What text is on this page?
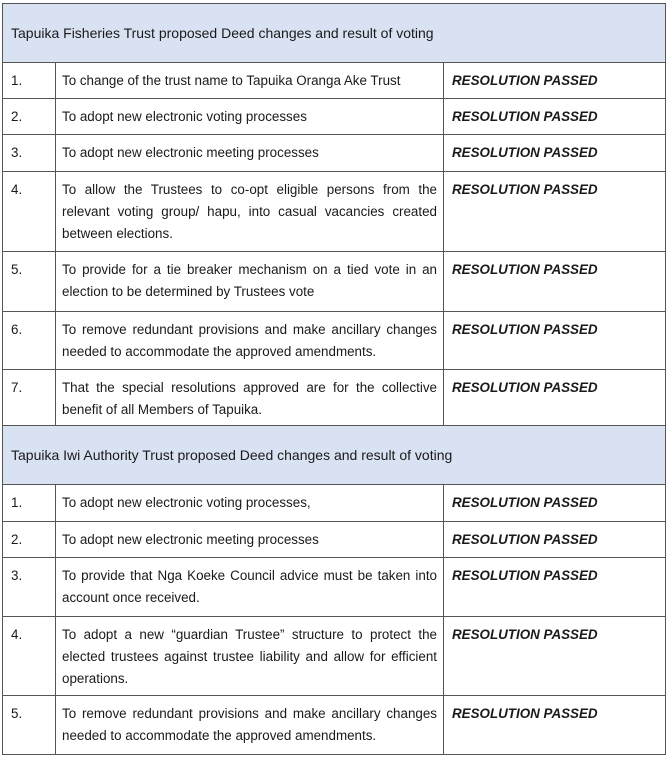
Tapuika Fisheries Trust proposed Deed changes and result of voting		
1.	To change of the trust name to Tapuika Oranga Ake Trust	RESOLUTION PASSED
2.	To adopt new electronic voting processes	RESOLUTION PASSED
3.	To adopt new electronic meeting processes	RESOLUTION PASSED
4.	To allow the Trustees to co-opt eligible persons from the relevant voting group/ hapu, into casual vacancies created between elections.	RESOLUTION PASSED
5.	To provide for a tie breaker mechanism on a tied vote in an election to be determined by Trustees vote	RESOLUTION PASSED
6.	To remove redundant provisions and make ancillary changes needed to accommodate the approved amendments.	RESOLUTION PASSED
7.	That the special resolutions approved are for the collective benefit of all Members of Tapuika.	RESOLUTION PASSED
Tapuika Iwi Authority Trust proposed Deed changes and result of voting		
1.	To adopt new electronic voting processes,	RESOLUTION PASSED
2.	To adopt new electronic meeting processes	RESOLUTION PASSED
3.	To provide that Nga Koeke Council advice must be taken into account once received.	RESOLUTION PASSED
4.	To adopt a new “guardian Trustee” structure to protect the elected trustees against trustee liability and allow for efficient operations.	RESOLUTION PASSED
5.	To remove redundant provisions and make ancillary changes needed to accommodate the approved amendments.	RESOLUTION PASSED
